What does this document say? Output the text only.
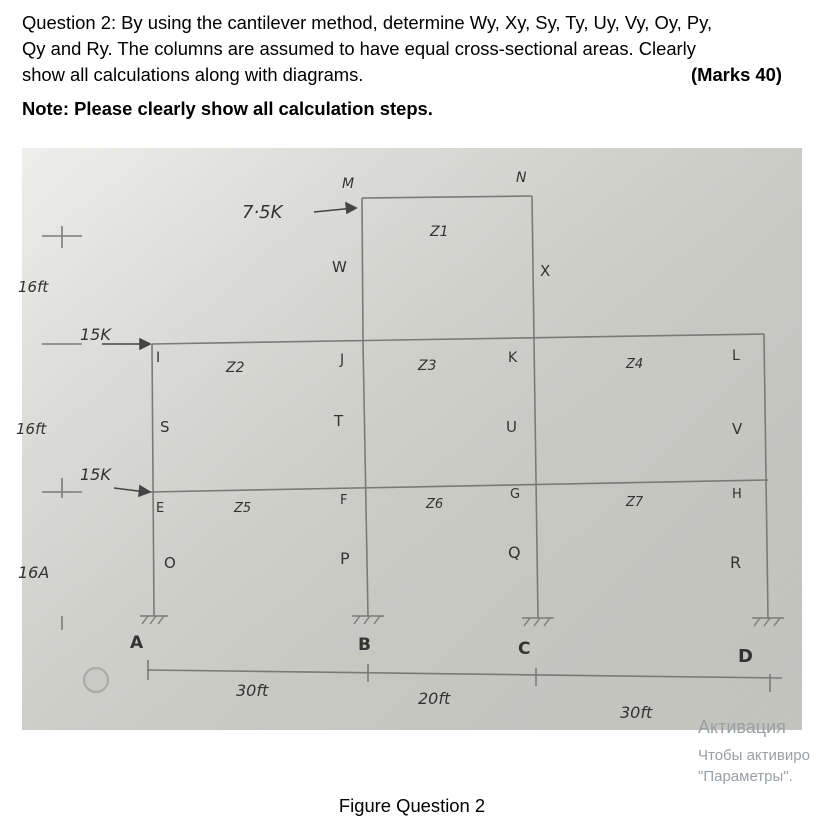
Question 2: By using the cantilever method, determine Wy, Xy, Sy, Ty, Uy, Vy, Oy, Py,
Qy and Ry. The columns are assumed to have equal cross-sectional areas. Clearly
show all calculations along with diagrams.	(Marks 40)
Note: Please clearly show all calculation steps.
7·5K
15K
15K
16ft
16ft
16A
30ft	20ft
30ft
M	N
I	J	K	L
E
F	G	H
A	B	C	D
W	X
S	T	U	V
O	P	Q
R
Z1
Z2	Z3	Z4
Z5	Z6	Z7
Активация
Чтобы активиро
"Параметры".
Figure Question 2
